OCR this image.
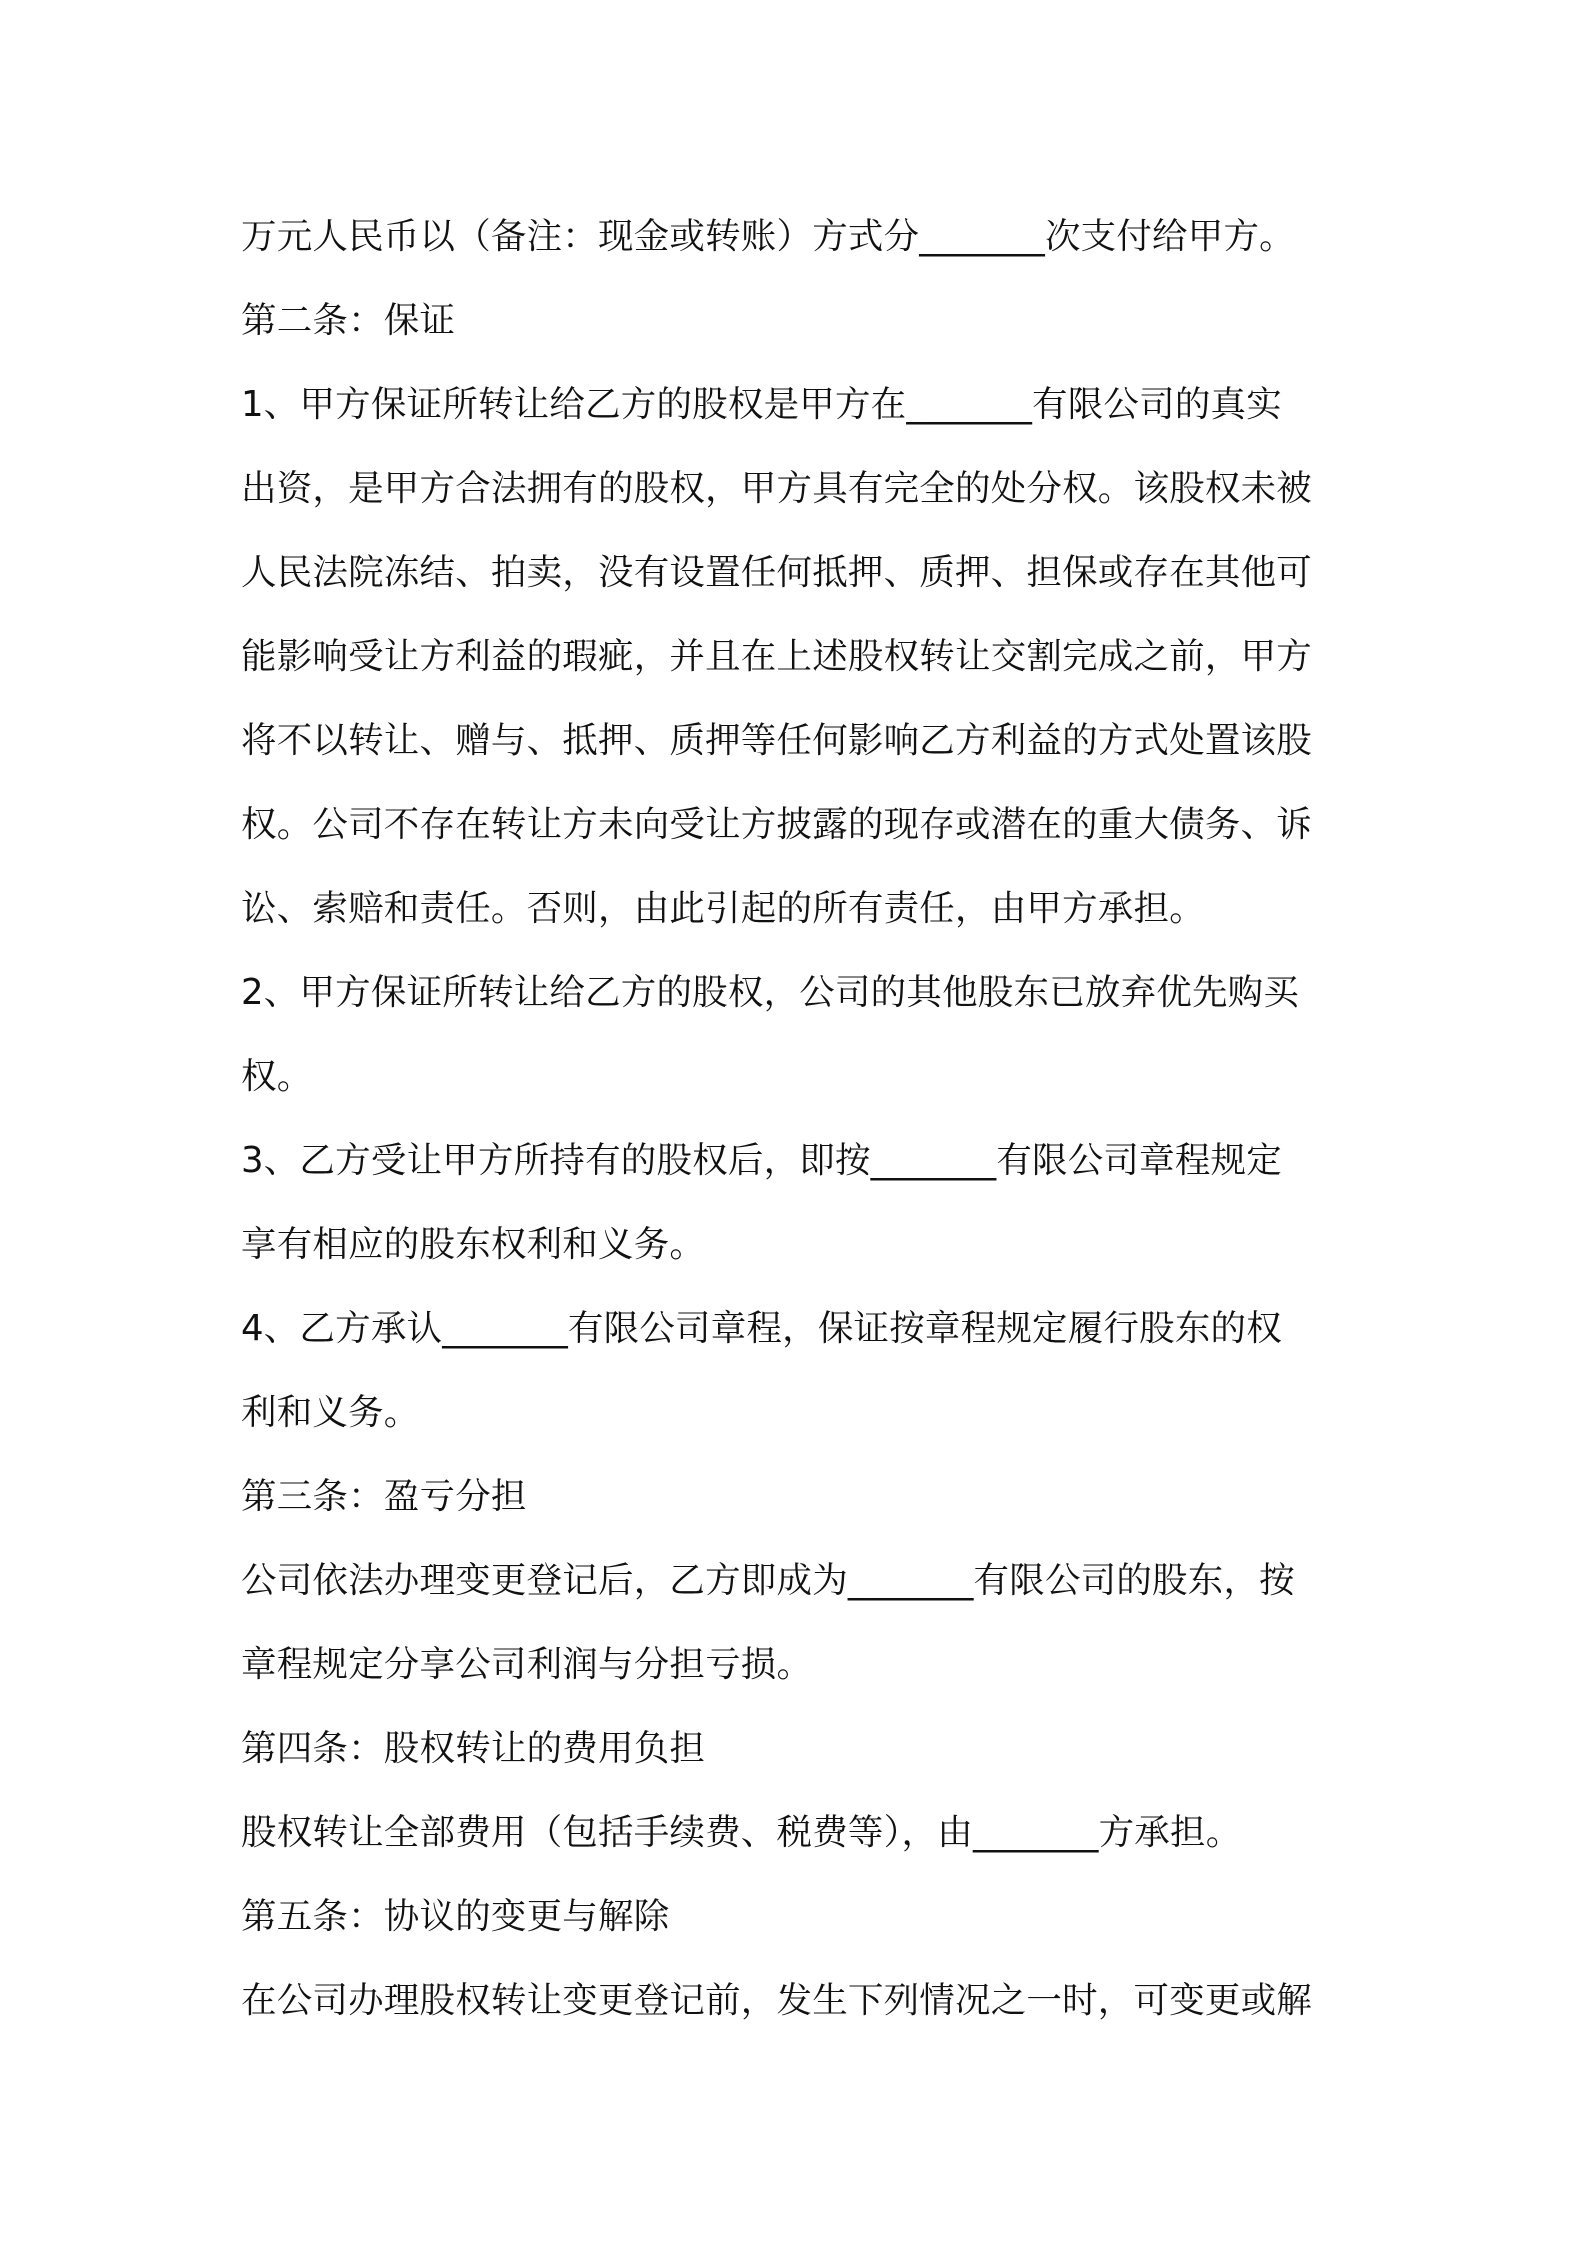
万元人民币以（备注：现金或转账）方式分_______次支付给甲方。
第二条：保证
1、甲方保证所转让给乙方的股权是甲方在_______有限公司的真实
出资，是甲方合法拥有的股权，甲方具有完全的处分权。该股权未被
人民法院冻结、拍卖，没有设置任何抵押、质押、担保或存在其他可
能影响受让方利益的瑕疵，并且在上述股权转让交割完成之前，甲方
将不以转让、赠与、抵押、质押等任何影响乙方利益的方式处置该股
权。公司不存在转让方未向受让方披露的现存或潜在的重大债务、诉
讼、索赔和责任。否则，由此引起的所有责任，由甲方承担。
2、甲方保证所转让给乙方的股权，公司的其他股东已放弃优先购买
权。
3、乙方受让甲方所持有的股权后，即按_______有限公司章程规定
享有相应的股东权利和义务。
4、乙方承认_______有限公司章程，保证按章程规定履行股东的权
利和义务。
第三条：盈亏分担
公司依法办理变更登记后，乙方即成为_______有限公司的股东，按
章程规定分享公司利润与分担亏损。
第四条：股权转让的费用负担
股权转让全部费用（包括手续费、税费等），由_______方承担。
第五条：协议的变更与解除
在公司办理股权转让变更登记前，发生下列情况之一时，可变更或解
